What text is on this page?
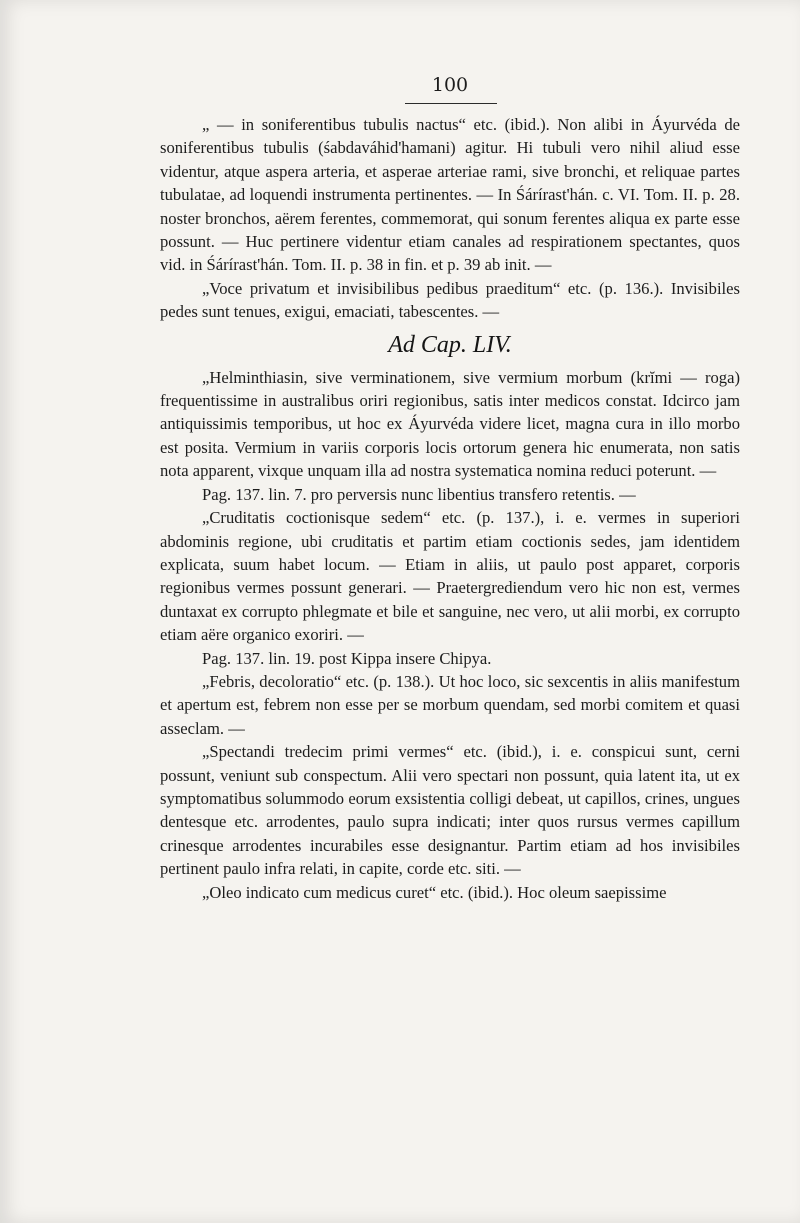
100

„ — in soniferentibus tubulis nactus“ etc. (ibid.). Non alibi in Áyurvéda de soniferentibus tubulis (śabdaváhid'hamani) agitur. Hi tubuli vero nihil aliud esse videntur, atque aspera arteria, et asperae arteriae rami, sive bronchi, et reliquae partes tubulatae, ad loquendi instrumenta pertinentes. — In Śárírast'hán. c. VI. Tom. II. p. 28. noster bronchos, aërem ferentes, commemorat, qui sonum ferentes aliqua ex parte esse possunt. — Huc pertinere videntur etiam canales ad respirationem spectantes, quos vid. in Śárírast'hán. Tom. II. p. 38 in fin. et p. 39 ab init. —

„Voce privatum et invisibilibus pedibus praeditum“ etc. (p. 136.). Invisibiles pedes sunt tenues, exigui, emaciati, tabescentes. —

Ad Cap. LIV.

„Helminthiasin, sive verminationem, sive vermium morbum (krĭmi — roga) frequentissime in australibus oriri regionibus, satis inter medicos constat. Idcirco jam antiquissimis temporibus, ut hoc ex Áyurvéda videre licet, magna cura in illo morbo est posita. Vermium in variis corporis locis ortorum genera hic enumerata, non satis nota apparent, vixque unquam illa ad nostra systematica nomina reduci poterunt. —

Pag. 137. lin. 7. pro perversis nunc libentius transfero retentis. —

„Cruditatis coctionisque sedem“ etc. (p. 137.), i. e. vermes in superiori abdominis regione, ubi cruditatis et partim etiam coctionis sedes, jam identidem explicata, suum habet locum. — Etiam in aliis, ut paulo post apparet, corporis regionibus vermes possunt generari. — Praetergrediendum vero hic non est, vermes duntaxat ex corrupto phlegmate et bile et sanguine, nec vero, ut alii morbi, ex corrupto etiam aëre organico exoriri. —

Pag. 137. lin. 19. post Kippa insere Chipya.

„Febris, decoloratio“ etc. (p. 138.). Ut hoc loco, sic sexcentis in aliis manifestum et apertum est, febrem non esse per se morbum quendam, sed morbi comitem et quasi asseclam. —

„Spectandi tredecim primi vermes“ etc. (ibid.), i. e. conspicui sunt, cerni possunt, veniunt sub conspectum. Alii vero spectari non possunt, quia latent ita, ut ex symptomatibus solummodo eorum exsistentia colligi debeat, ut capillos, crines, ungues dentesque etc. arrodentes, paulo supra indicati; inter quos rursus vermes capillum crinesque arrodentes incurabiles esse designantur. Partim etiam ad hos invisibiles pertinent paulo infra relati, in capite, corde etc. siti. —

„Oleo indicato cum medicus curet“ etc. (ibid.). Hoc oleum saepissime
